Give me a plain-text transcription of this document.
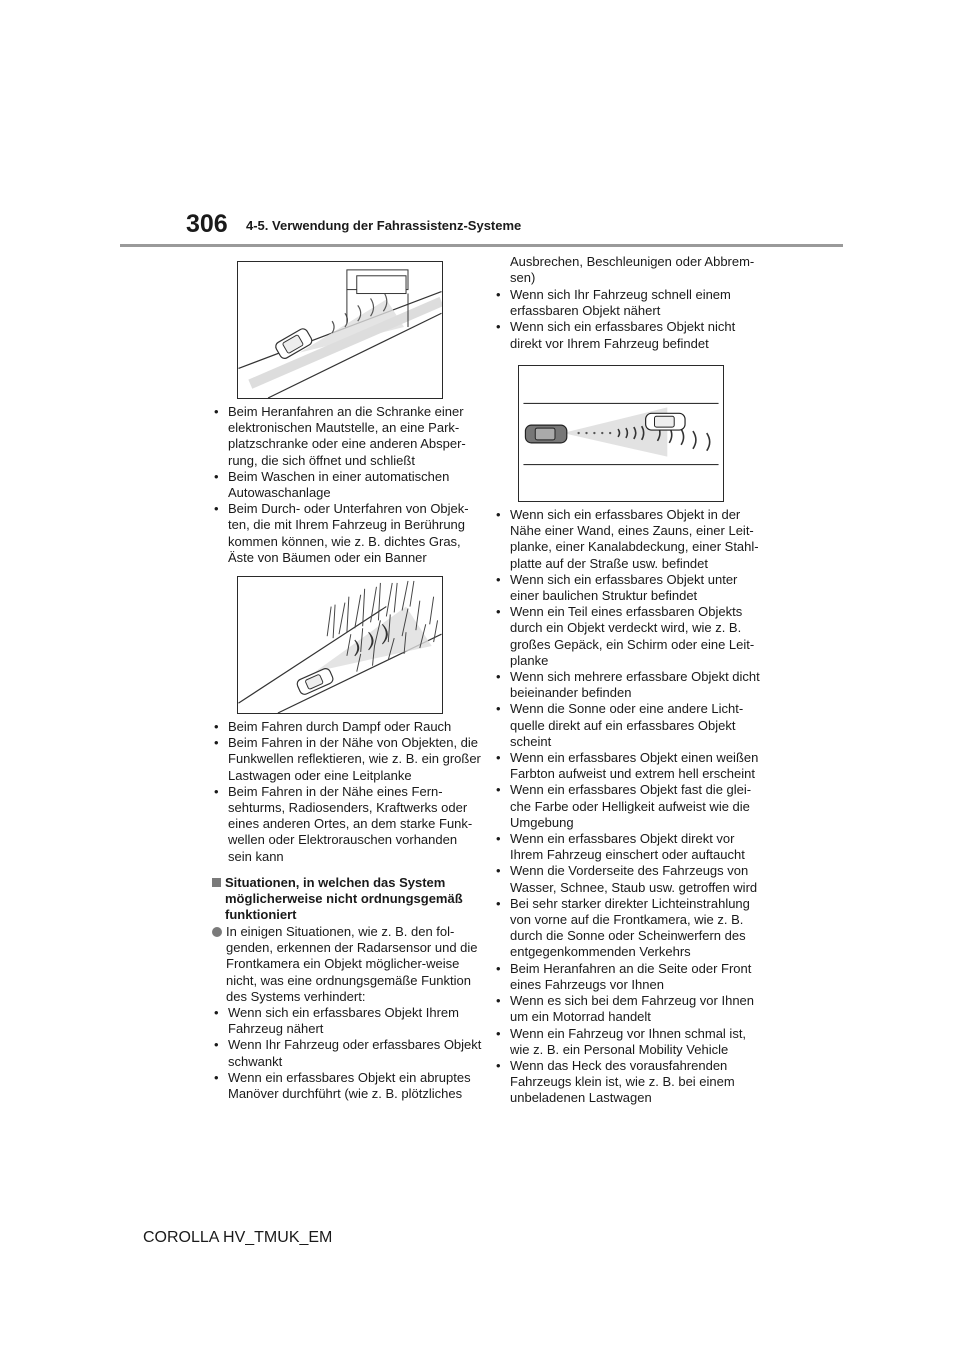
306 4-5. Verwendung der Fahrassistenz-Systeme
• Beim Heranfahren an die Schranke einer elektronischen Mautstelle, an eine Park-platzschranke oder eine anderen Absper-rung, die sich öffnet und schließt
• Beim Waschen in einer automatischen Autowaschanlage
• Beim Durch- oder Unterfahren von Objek-ten, die mit Ihrem Fahrzeug in Berührung kommen können, wie z. B. dichtes Gras, Äste von Bäumen oder ein Banner
• Beim Fahren durch Dampf oder Rauch
• Beim Fahren in der Nähe von Objekten, die Funkwellen reflektieren, wie z. B. ein großer Lastwagen oder eine Leitplanke
• Beim Fahren in der Nähe eines Fern-sehturms, Radiosenders, Kraftwerks oder eines anderen Ortes, an dem starke Funk-wellen oder Elektrorauschen vorhanden sein kann
Situationen, in welchen das System möglicherweise nicht ordnungsgemäß funktioniert
In einigen Situationen, wie z. B. den fol-genden, erkennen der Radarsensor und die Frontkamera ein Objekt möglicher-weise nicht, was eine ordnungsgemäße Funktion des Systems verhindert:
• Wenn sich ein erfassbares Objekt Ihrem Fahrzeug nähert
• Wenn Ihr Fahrzeug oder erfassbares Objekt schwankt
• Wenn ein erfassbares Objekt ein abruptes Manöver durchführt (wie z. B. plötzliches
Ausbrechen, Beschleunigen oder Abbrem-sen)
• Wenn sich Ihr Fahrzeug schnell einem erfassbaren Objekt nähert
• Wenn sich ein erfassbares Objekt nicht direkt vor Ihrem Fahrzeug befindet
• Wenn sich ein erfassbares Objekt in der Nähe einer Wand, eines Zauns, einer Leit-planke, einer Kanalabdeckung, einer Stahl-platte auf der Straße usw. befindet
• Wenn sich ein erfassbares Objekt unter einer baulichen Struktur befindet
• Wenn ein Teil eines erfassbaren Objekts durch ein Objekt verdeckt wird, wie z. B. großes Gepäck, ein Schirm oder eine Leit-planke
• Wenn sich mehrere erfassbare Objekt dicht beieinander befinden
• Wenn die Sonne oder eine andere Licht-quelle direkt auf ein erfassbares Objekt scheint
• Wenn ein erfassbares Objekt einen weißen Farbton aufweist und extrem hell erscheint
• Wenn ein erfassbares Objekt fast die glei-che Farbe oder Helligkeit aufweist wie die Umgebung
• Wenn ein erfassbares Objekt direkt vor Ihrem Fahrzeug einschert oder auftaucht
• Wenn die Vorderseite des Fahrzeugs von Wasser, Schnee, Staub usw. getroffen wird
• Bei sehr starker direkter Lichteinstrahlung von vorne auf die Frontkamera, wie z. B. durch die Sonne oder Scheinwerfern des entgegenkommenden Verkehrs
• Beim Heranfahren an die Seite oder Front eines Fahrzeugs vor Ihnen
• Wenn es sich bei dem Fahrzeug vor Ihnen um ein Motorrad handelt
• Wenn ein Fahrzeug vor Ihnen schmal ist, wie z. B. ein Personal Mobility Vehicle
• Wenn das Heck des vorausfahrenden Fahrzeugs klein ist, wie z. B. bei einem unbeladenen Lastwagen
COROLLA HV_TMUK_EM
